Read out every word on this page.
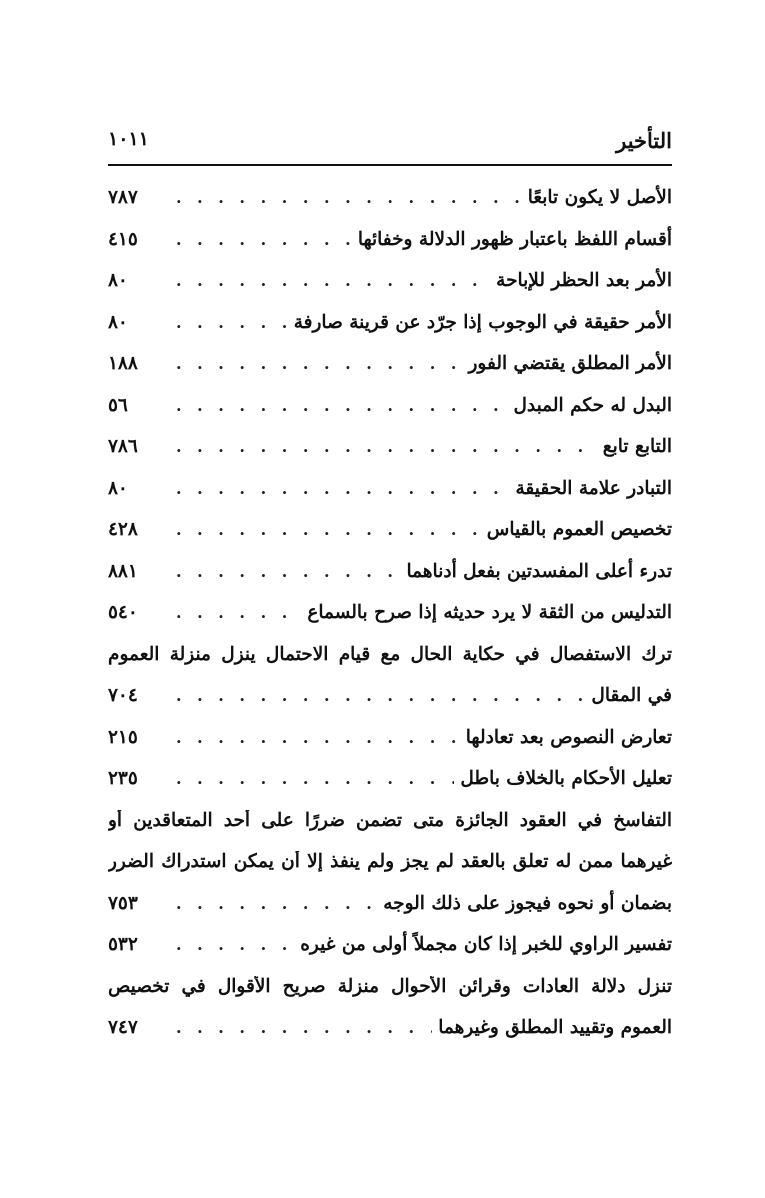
التأخير
١٠١١
الأصل لا يكون تابعًا
. . .
٧٨٧
أقسام اللفظ باعتبار ظهور الدلالة وخفائها
. . .
٤١٥
الأمر بعد الحظر للإباحة
. . .
٨٠
الأمر حقيقة في الوجوب إذا جرّد عن قرينة صارفة
. . .
٨٠
الأمر المطلق يقتضي الفور
. . .
١٨٨
البدل له حكم المبدل
. . .
٥٦
التابع تابع
. . .
٧٨٦
التبادر علامة الحقيقة
. . .
٨٠
تخصيص العموم بالقياس
. . .
٤٢٨
تدرء أعلى المفسدتين بفعل أدناهما
. . .
٨٨١
التدليس من الثقة لا يرد حديثه إذا صرح بالسماع
. . .
٥٤٠
ترك الاستفصال في حكاية الحال مع قيام الاحتمال ينزل منزلة العموم
في المقال
. . .
٧٠٤
تعارض النصوص بعد تعادلها
. . .
٢١٥
تعليل الأحكام بالخلاف باطل
. . .
٢٣٥
التفاسخ في العقود الجائزة متى تضمن ضررًا على أحد المتعاقدين أو
غيرهما ممن له تعلق بالعقد لم يجز ولم ينفذ إلا أن يمكن استدراك الضرر
بضمان أو نحوه فيجوز على ذلك الوجه
. . .
٧٥٣
تفسير الراوي للخبر إذا كان مجملاً أولى من غيره
. . .
٥٣٢
تنزل دلالة العادات وقرائن الأحوال منزلة صريح الأقوال في تخصيص
العموم وتقييد المطلق وغيرهما
. . .
٧٤٧
